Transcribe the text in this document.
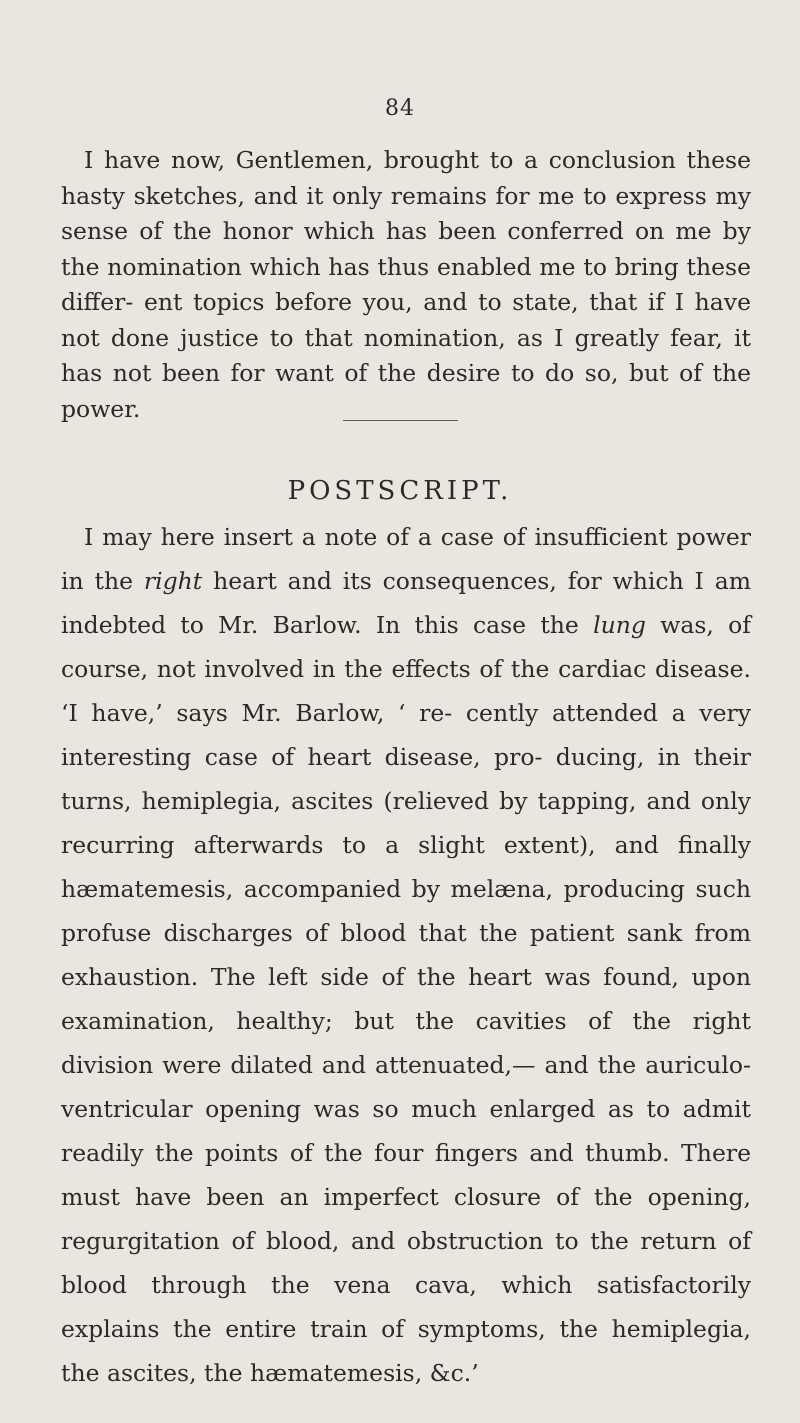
84

I have now, Gentlemen, brought to a conclusion these hasty sketches, and it only remains for me to express my sense of the honor which has been conferred on me by the nomination which has thus enabled me to bring these differ- ent topics before you, and to state, that if I have not done justice to that nomination, as I greatly fear, it has not been for want of the desire to do so, but of the power.

POSTSCRIPT.

I may here insert a note of a case of insufficient power in the right heart and its consequences, for which I am indebted to Mr. Barlow. In this case the lung was, of course, not involved in the effects of the cardiac disease. ‘I have,’ says Mr. Barlow, ‘ re- cently attended a very interesting case of heart disease, pro- ducing, in their turns, hemiplegia, ascites (relieved by tapping, and only recurring afterwards to a slight extent), and finally hæmatemesis, accompanied by melæna, producing such profuse discharges of blood that the patient sank from exhaustion. The left side of the heart was found, upon examination, healthy; but the cavities of the right division were dilated and attenuated,— and the auriculo-ventricular opening was so much enlarged as to admit readily the points of the four fingers and thumb. There must have been an imperfect closure of the opening, regurgitation of blood, and obstruction to the return of blood through the vena cava, which satisfactorily explains the entire train of symptoms, the hemiplegia, the ascites, the hæmatemesis, &c.’
